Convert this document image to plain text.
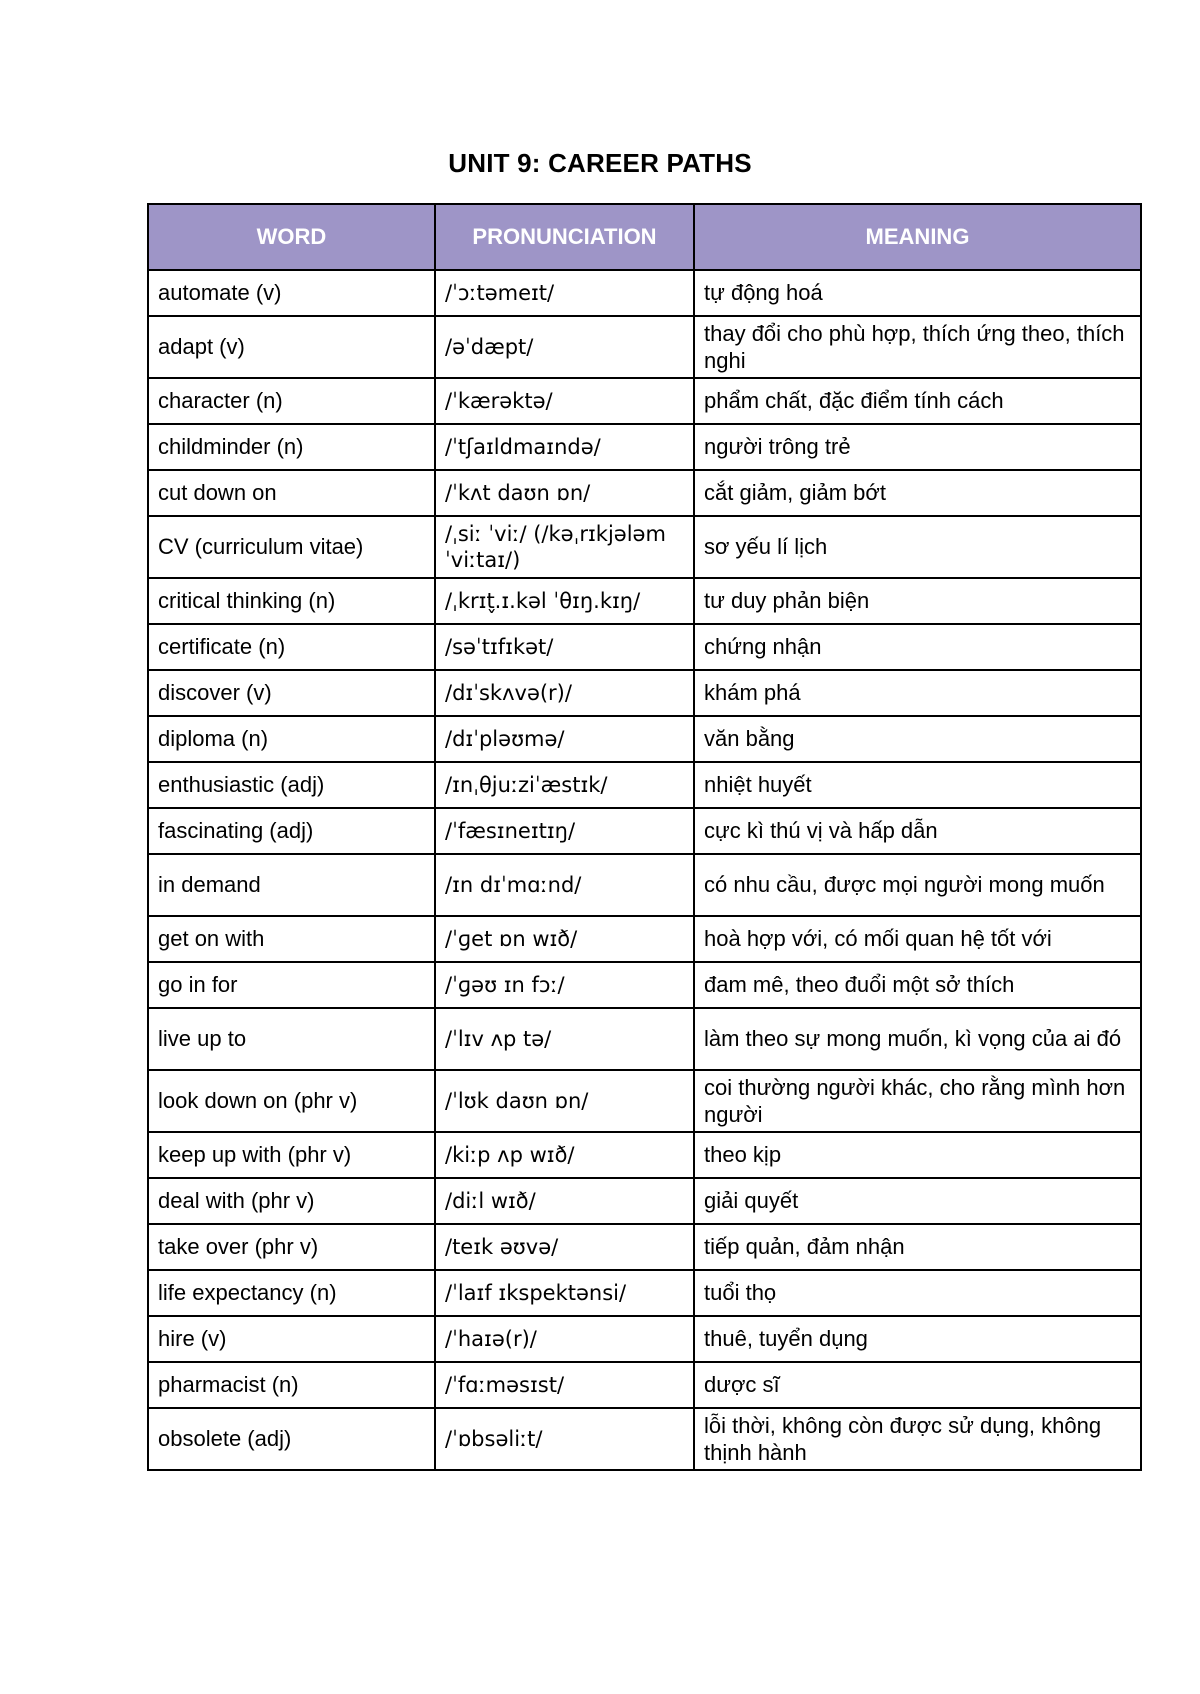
UNIT 9: CAREER PATHS
WORD	PRONUNCIATION	MEANING
automate (v)	/ˈɔːtəmeɪt/	tự động hoá
adapt (v)	/əˈdæpt/	thay đổi cho phù hợp, thích ứng theo, thích nghi
character (n)	/ˈkærəktə/	phẩm chất, đặc điểm tính cách
childminder (n)	/ˈtʃaɪldmaɪndə/	người trông trẻ
cut down on	/ˈkʌt daʊn ɒn/	cắt giảm, giảm bớt
CV (curriculum vitae)	/ˌsiː ˈviː/ (/kəˌrɪkjələm ˈviːtaɪ/)	sơ yếu lí lịch
critical thinking (n)	/ˌkrɪt̬.ɪ.kəl ˈθɪŋ.kɪŋ/	tư duy phản biện
certificate (n)	/səˈtɪfɪkət/	chứng nhận
discover (v)	/dɪˈskʌvə(r)/	khám phá
diploma (n)	/dɪˈpləʊmə/	văn bằng
enthusiastic (adj)	/ɪnˌθjuːziˈæstɪk/	nhiệt huyết
fascinating (adj)	/ˈfæsɪneɪtɪŋ/	cực kì thú vị và hấp dẫn
in demand	/ɪn dɪˈmɑːnd/	có nhu cầu, được mọi người mong muốn
get on with	/ˈɡet ɒn wɪð/	hoà hợp với, có mối quan hệ tốt với
go in for	/ˈɡəʊ ɪn fɔː/	đam mê, theo đuổi một sở thích
live up to	/ˈlɪv ʌp tə/	làm theo sự mong muốn, kì vọng của ai đó
look down on (phr v)	/ˈlʊk daʊn ɒn/	coi thường người khác, cho rằng mình hơn người
keep up with (phr v)	/kiːp ʌp wɪð/	theo kịp
deal with (phr v)	/diːl wɪð/	giải quyết
take over (phr v)	/teɪk əʊvə/	tiếp quản, đảm nhận
life expectancy (n)	/ˈlaɪf ɪkspektənsi/	tuổi thọ
hire (v)	/ˈhaɪə(r)/	thuê, tuyển dụng
pharmacist (n)	/ˈfɑːməsɪst/	dược sĩ
obsolete (adj)	/ˈɒbsəliːt/	lỗi thời, không còn được sử dụng, không thịnh hành
